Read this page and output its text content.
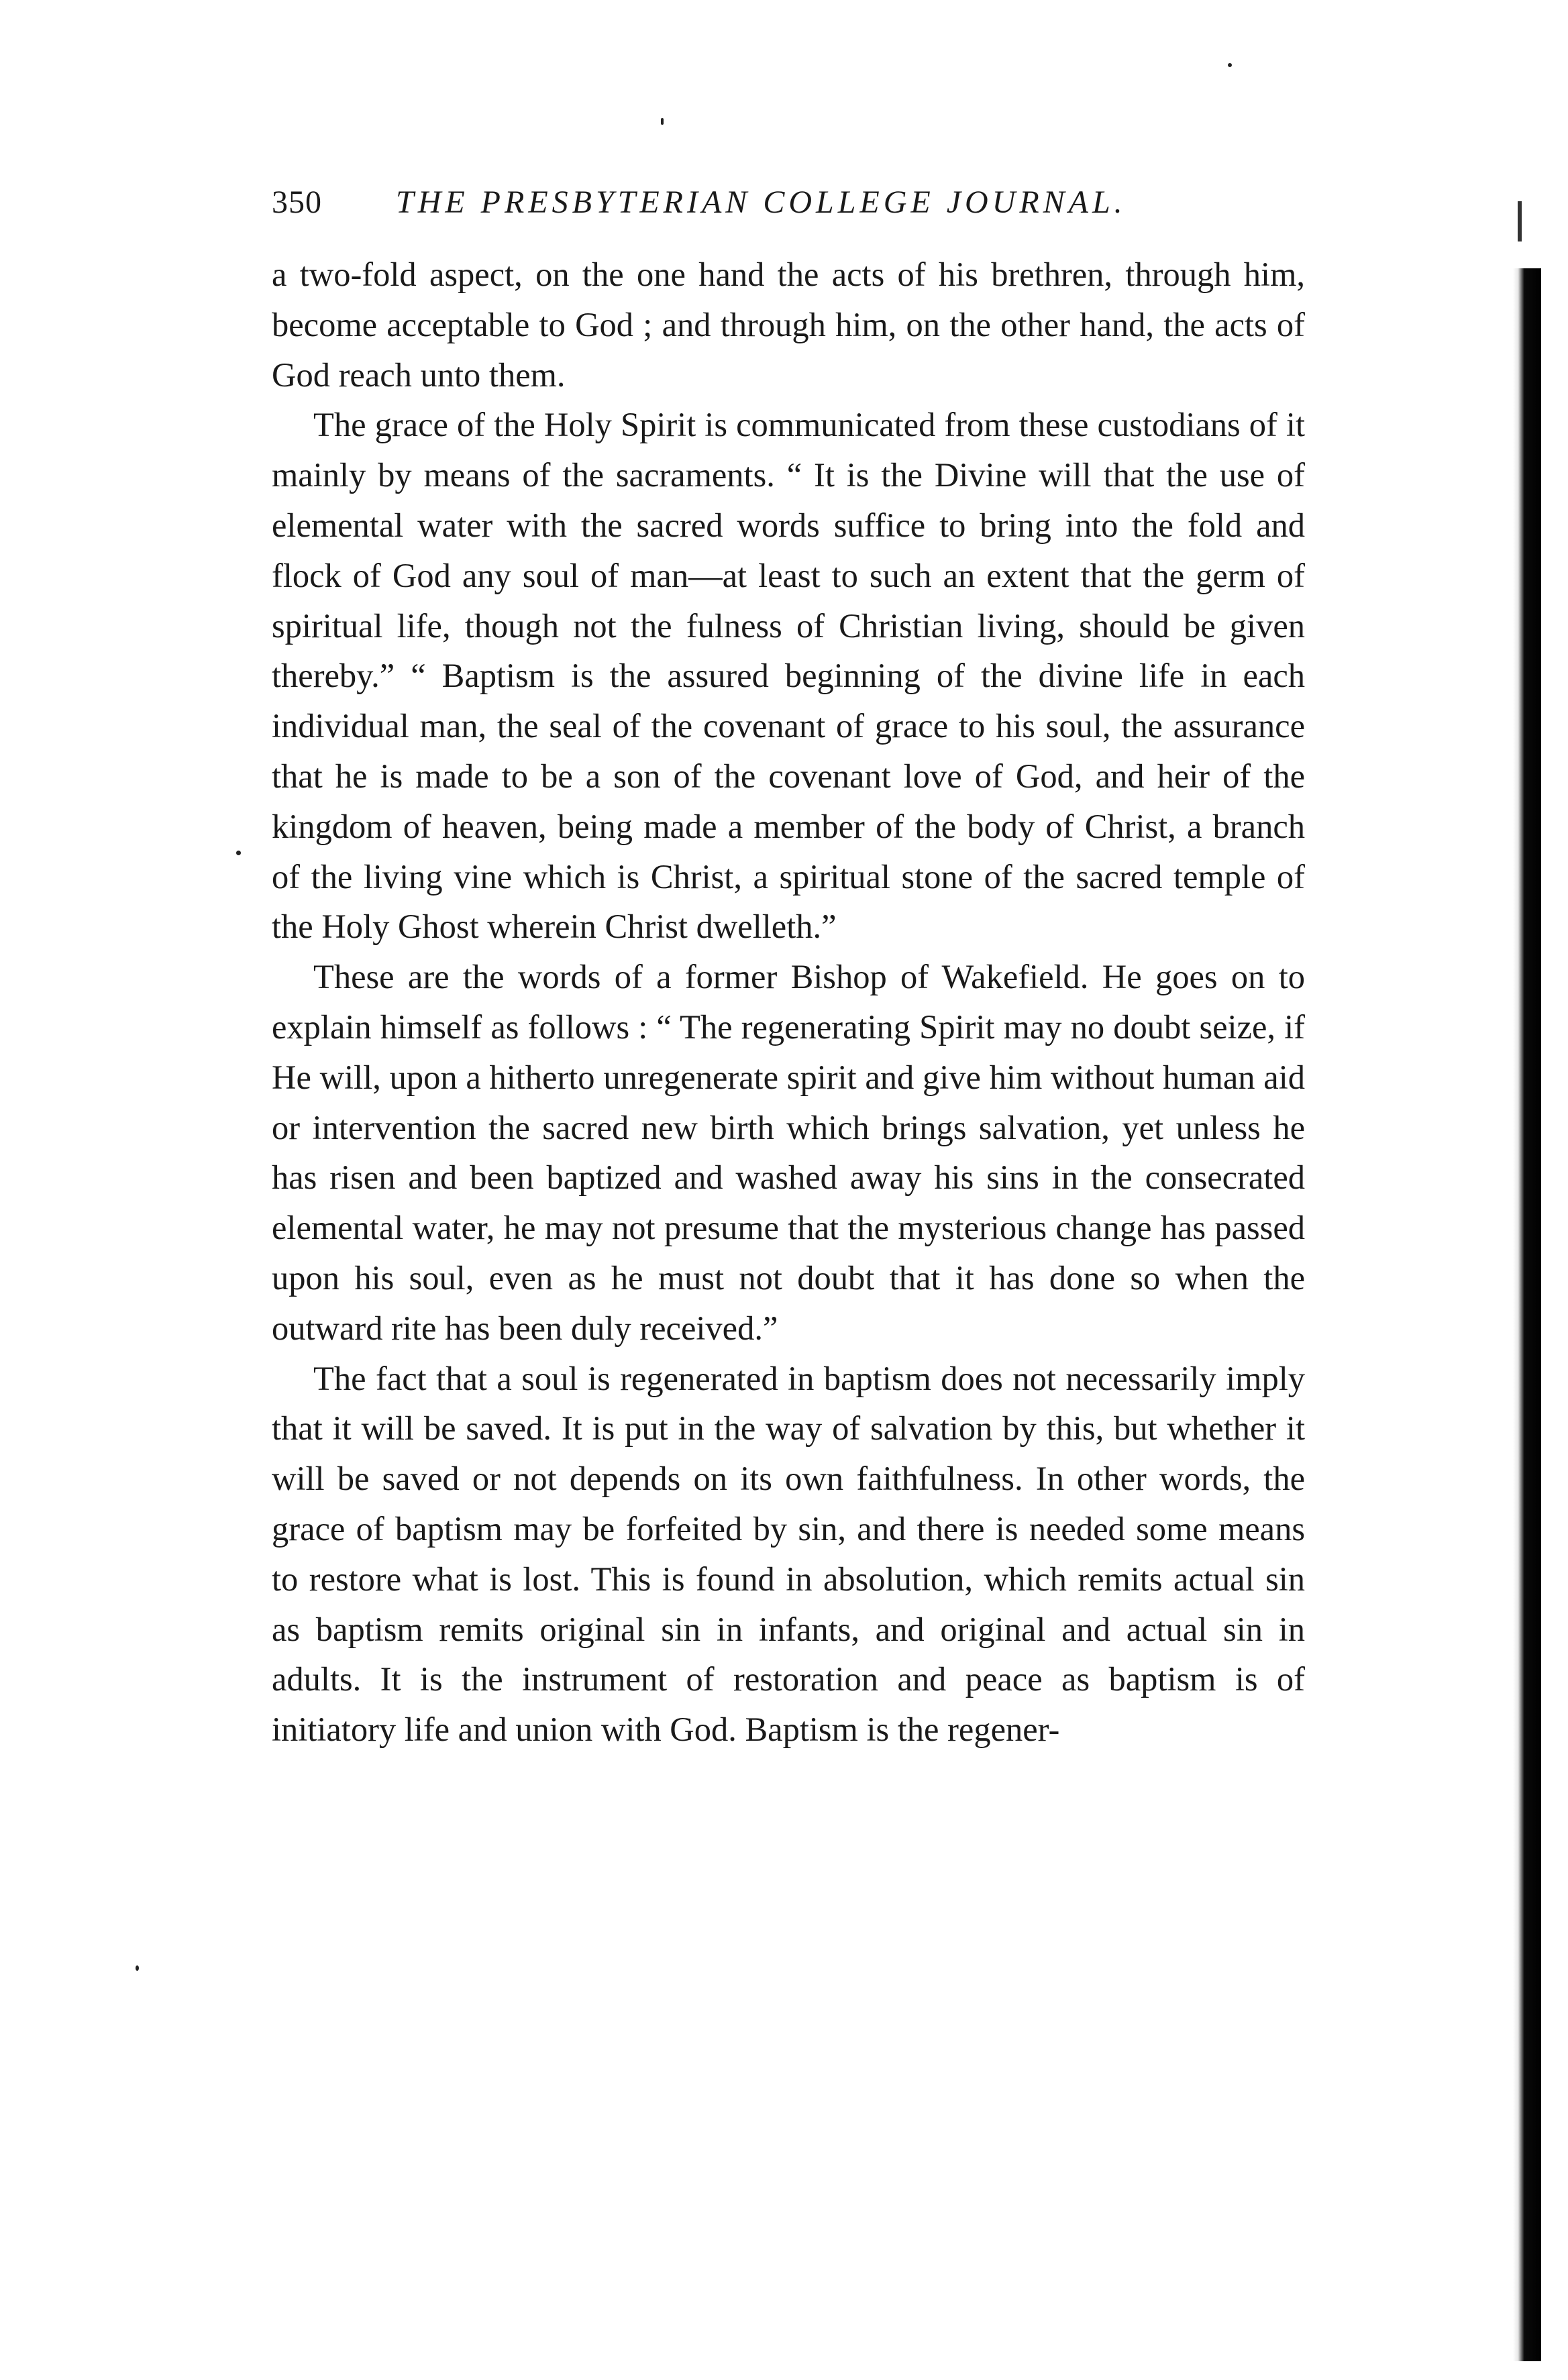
350 THE PRESBYTERIAN COLLEGE JOURNAL.

a two-fold aspect, on the one hand the acts of his brethren, through him, become acceptable to God ; and through him, on the other hand, the acts of God reach unto them.

The grace of the Holy Spirit is communicated from these custodians of it mainly by means of the sacraments. “ It is the Divine will that the use of elemental water with the sacred words suffice to bring into the fold and flock of God any soul of man—at least to such an extent that the germ of spiritual life, though not the fulness of Christian living, should be given thereby.” “ Baptism is the assured beginning of the divine life in each individual man, the seal of the covenant of grace to his soul, the assurance that he is made to be a son of the covenant love of God, and heir of the kingdom of heaven, being made a member of the body of Christ, a branch of the living vine which is Christ, a spiritual stone of the sacred temple of the Holy Ghost wherein Christ dwelleth.”

These are the words of a former Bishop of Wakefield. He goes on to explain himself as follows : “ The regenerating Spirit may no doubt seize, if He will, upon a hitherto unregenerate spirit and give him without human aid or intervention the sacred new birth which brings salvation, yet unless he has risen and been baptized and washed away his sins in the consecrated elemental water, he may not presume that the mysterious change has passed upon his soul, even as he must not doubt that it has done so when the outward rite has been duly received.”

The fact that a soul is regenerated in baptism does not necessarily imply that it will be saved. It is put in the way of salvation by this, but whether it will be saved or not depends on its own faithfulness. In other words, the grace of baptism may be forfeited by sin, and there is needed some means to restore what is lost. This is found in absolution, which remits actual sin as baptism remits original sin in infants, and original and actual sin in adults. It is the instrument of restoration and peace as baptism is of initiatory life and union with God. Baptism is the regener-
